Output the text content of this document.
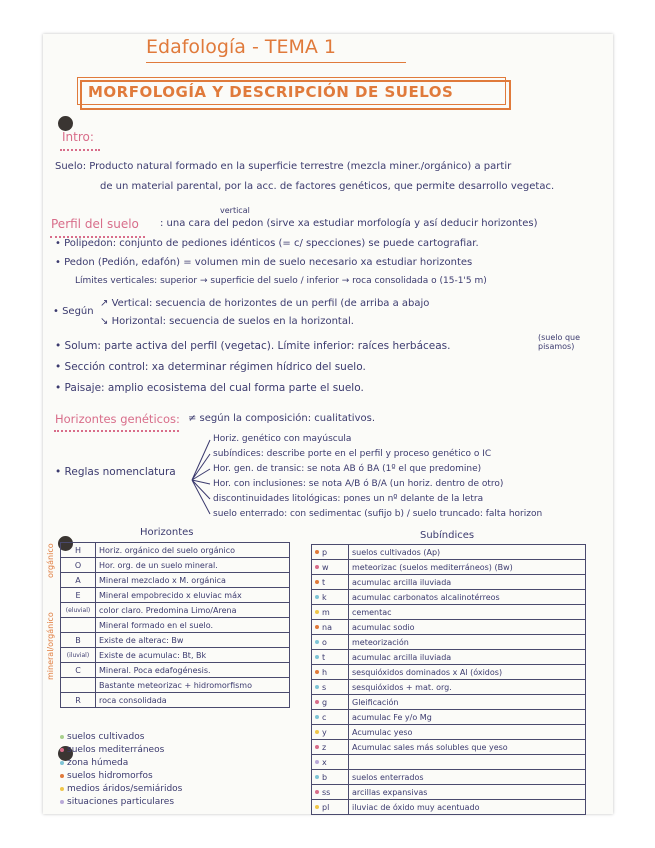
Edafología - TEMA 1
MORFOLOGÍA Y DESCRIPCIÓN DE SUELOS
Intro:
Suelo: Producto natural formado en la superficie terrestre (mezcla miner./orgánico) a partir
de un material parental, por la acc. de factores genéticos, que permite desarrollo vegetac.
vertical
Perfil del suelo : una cara del pedon (sirve xa estudiar morfología y así deducir horizontes)
• Polipedon: conjunto de pediones idénticos (= c/ specciones) se puede cartografiar.
• Pedon (Pedión, edafón) = volumen min de suelo necesario xa estudiar horizontes
Límites verticales: superior → superficie del suelo / inferior → roca consolidada o (15-1'5 m)
• Según
↗ Vertical: secuencia de horizontes de un perfil (de arriba a abajo
↘ Horizontal: secuencia de suelos en la horizontal.
• Solum: parte activa del perfil (vegetac). Límite inferior: raíces herbáceas.
(suelo que pisamos)
• Sección control: xa determinar régimen hídrico del suelo.
• Paisaje: amplio ecosistema del cual forma parte el suelo.
Horizontes genéticos: ≠ según la composición: cualitativos.
• Reglas nomenclatura
Horiz. genético con mayúscula
subíndices: describe porte en el perfil y proceso genético o IC
Hor. gen. de transic: se nota AB ó BA (1º el que predomine)
Hor. con inclusiones: se nota A/B ó B/A (un horiz. dentro de otro)
discontinuidades litológicas: pones un nº delante de la letra
suelo enterrado: con sedimentac (sufijo b) / suelo truncado: falta horizon
Horizontes
orgánico
mineral/orgánico
H	Horiz. orgánico del suelo orgánico
O	Hor. org. de un suelo mineral.
A	Mineral mezclado x M. orgánica
E	Mineral empobrecido x eluviac máx
(eluvial)	color claro. Predomina Limo/Arena
	Mineral formado en el suelo.
B	Existe de alterac: Bw
(iluvial)	Existe de acumulac: Bt, Bk
C	Mineral. Poca edafogénesis.
	Bastante meteorizac + hidromorfismo
R	roca consolidada
Subíndices
p	suelos cultivados (Ap)
w	meteorizac (suelos mediterráneos) (Bw)
t	acumulac arcilla iluviada
k	acumulac carbonatos alcalinotérreos
m	cementac
na	acumulac sodio
o	meteorización
t	acumulac arcilla iluviada
h	sesquióxidos dominados x Al (óxidos)
s	sesquióxidos + mat. org.
g	Gleificación
c	acumulac Fe y/o Mg
y	Acumulac yeso
z	Acumulac sales más solubles que yeso
x	
b	suelos enterrados
ss	arcillas expansivas
pl	iluviac de óxido muy acentuado
suelos cultivados
suelos mediterráneos
zona húmeda
suelos hidromorfos
medios áridos/semiáridos
situaciones particulares
